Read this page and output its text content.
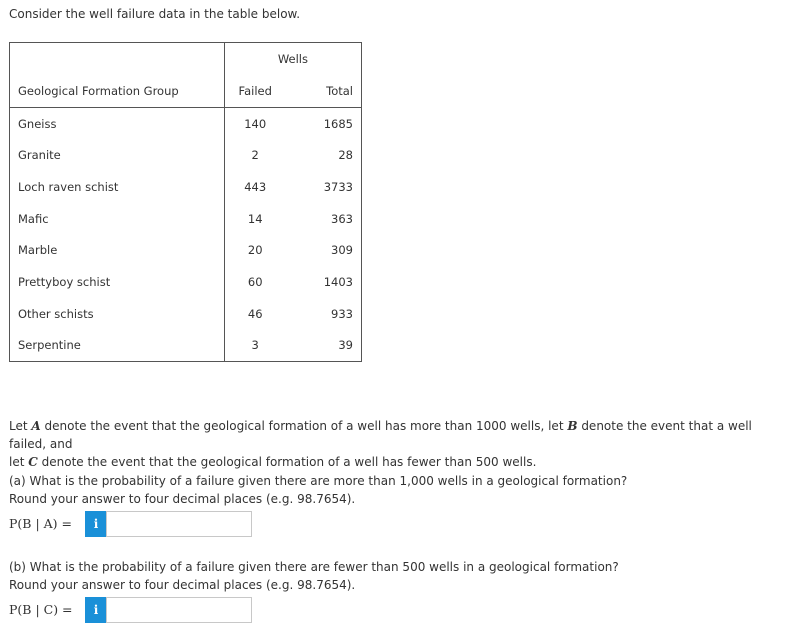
Consider the well failure data in the table below.
	Wells	
Geological Formation Group	Failed	Total
Gneiss	140	1685
Granite	2	28
Loch raven schist	443	3733
Mafic	14	363
Marble	20	309
Prettyboy schist	60	1403
Other schists	46	933
Serpentine	3	39
Let A denote the event that the geological formation of a well has more than 1000 wells, let B denote the event that a well failed, and
let C denote the event that the geological formation of a well has fewer than 500 wells.
(a) What is the probability of a failure given there are more than 1,000 wells in a geological formation?
Round your answer to four decimal places (e.g. 98.7654).
P(B | A) =	i
(b) What is the probability of a failure given there are fewer than 500 wells in a geological formation?
Round your answer to four decimal places (e.g. 98.7654).
P(B | C) =	i
